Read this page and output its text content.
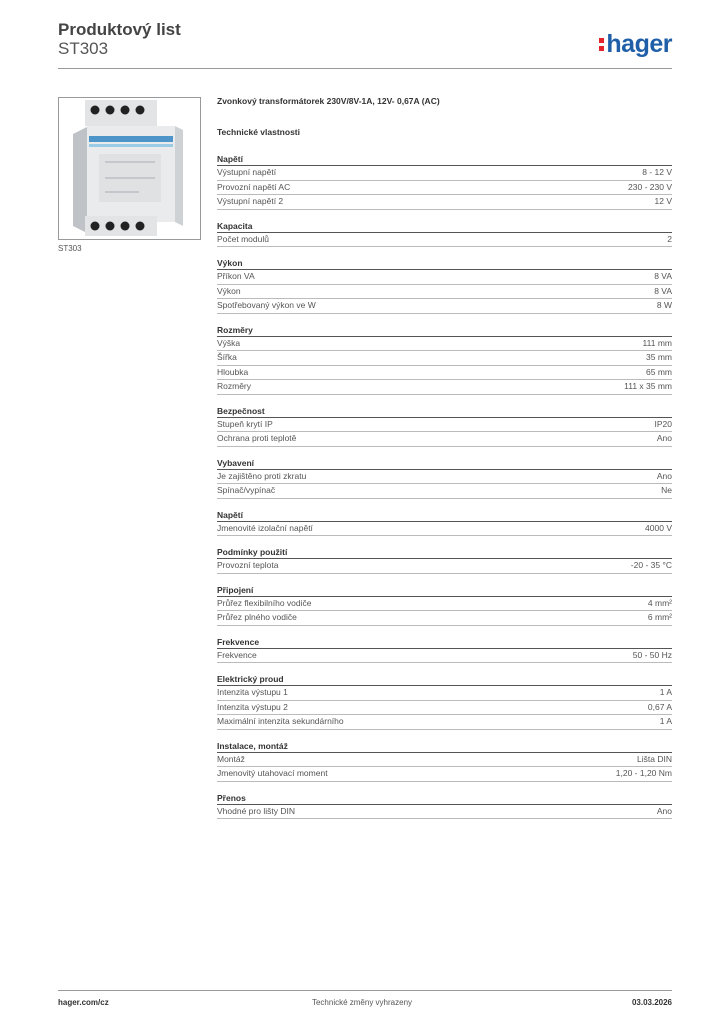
Produktový list
ST303	hager
ST303
Zvonkový transformátorek 230V/8V-1A, 12V- 0,67A (AC)
Technické vlastnosti
Napětí
Výstupní napětí	8 - 12 V
Provozní napětí AC	230 - 230 V
Výstupní napětí 2	12 V
Kapacita
Počet modulů	2
Výkon
Příkon VA	8 VA
Výkon	8 VA
Spotřebovaný výkon ve W	8 W
Rozměry
Výška	111 mm
Šířka	35 mm
Hloubka	65 mm
Rozměry	111 x 35 mm
Bezpečnost
Stupeň krytí IP	IP20
Ochrana proti teplotě	Ano
Vybavení
Je zajištěno proti zkratu	Ano
Spínač/vypínač	Ne
Napětí
Jmenovité izolační napětí	4000 V
Podmínky použití
Provozní teplota	-20 - 35 °C
Připojení
Průřez flexibilního vodiče	4 mm²
Průřez plného vodiče	6 mm²
Frekvence
Frekvence	50 - 50 Hz
Elektrický proud
Intenzita výstupu 1	1 A
Intenzita výstupu 2	0,67 A
Maximální intenzita sekundárního	1 A
Instalace, montáž
Montáž	Lišta DIN
Jmenovitý utahovací moment	1,20 - 1,20 Nm
Přenos
Vhodné pro lišty DIN	Ano
hager.com/cz	Technické změny vyhrazeny	03.03.2026
